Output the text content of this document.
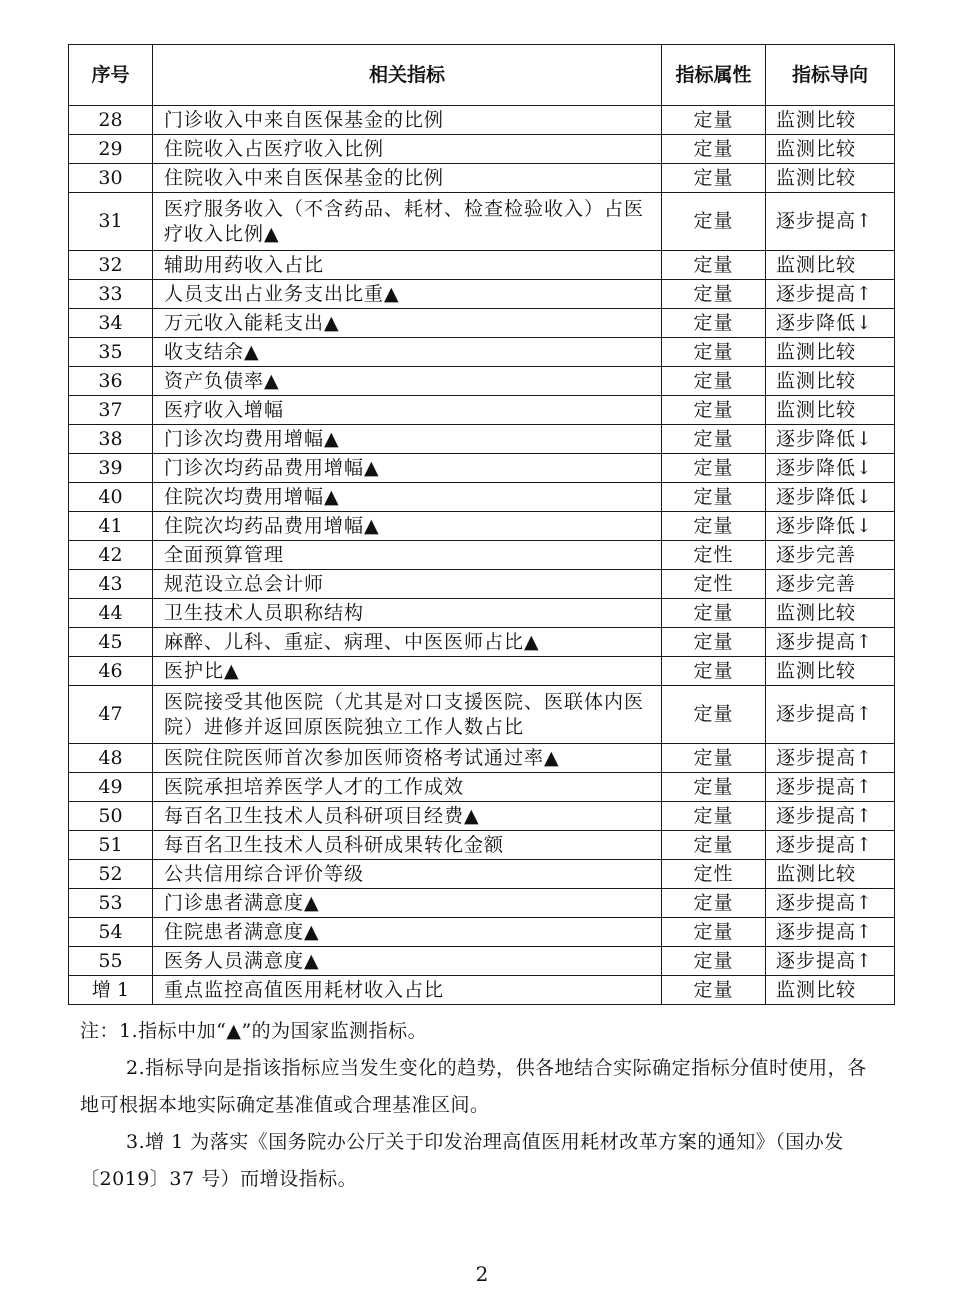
序号	相关指标	指标属性	指标导向
28	门诊收入中来自医保基金的比例	定量	监测比较
29	住院收入占医疗收入比例	定量	监测比较
30	住院收入中来自医保基金的比例	定量	监测比较
31	医疗服务收入（不含药品、耗材、检查检验收入）占医疗收入比例▲	定量	逐步提高↑
32	辅助用药收入占比	定量	监测比较
33	人员支出占业务支出比重▲	定量	逐步提高↑
34	万元收入能耗支出▲	定量	逐步降低↓
35	收支结余▲	定量	监测比较
36	资产负债率▲	定量	监测比较
37	医疗收入增幅	定量	监测比较
38	门诊次均费用增幅▲	定量	逐步降低↓
39	门诊次均药品费用增幅▲	定量	逐步降低↓
40	住院次均费用增幅▲	定量	逐步降低↓
41	住院次均药品费用增幅▲	定量	逐步降低↓
42	全面预算管理	定性	逐步完善
43	规范设立总会计师	定性	逐步完善
44	卫生技术人员职称结构	定量	监测比较
45	麻醉、儿科、重症、病理、中医医师占比▲	定量	逐步提高↑
46	医护比▲	定量	监测比较
47	医院接受其他医院（尤其是对口支援医院、医联体内医院）进修并返回原医院独立工作人数占比	定量	逐步提高↑
48	医院住院医师首次参加医师资格考试通过率▲	定量	逐步提高↑
49	医院承担培养医学人才的工作成效	定量	逐步提高↑
50	每百名卫生技术人员科研项目经费▲	定量	逐步提高↑
51	每百名卫生技术人员科研成果转化金额	定量	逐步提高↑
52	公共信用综合评价等级	定性	监测比较
53	门诊患者满意度▲	定量	逐步提高↑
54	住院患者满意度▲	定量	逐步提高↑
55	医务人员满意度▲	定量	逐步提高↑
增 1	重点监控高值医用耗材收入占比	定量	监测比较

注：1.指标中加“▲”的为国家监测指标。

2.指标导向是指该指标应当发生变化的趋势，供各地结合实际确定指标分值时使用，各地可根据本地实际确定基准值或合理基准区间。

3.增 1 为落实《国务院办公厅关于印发治理高值医用耗材改革方案的通知》（国办发〔2019〕37 号）而增设指标。

2
